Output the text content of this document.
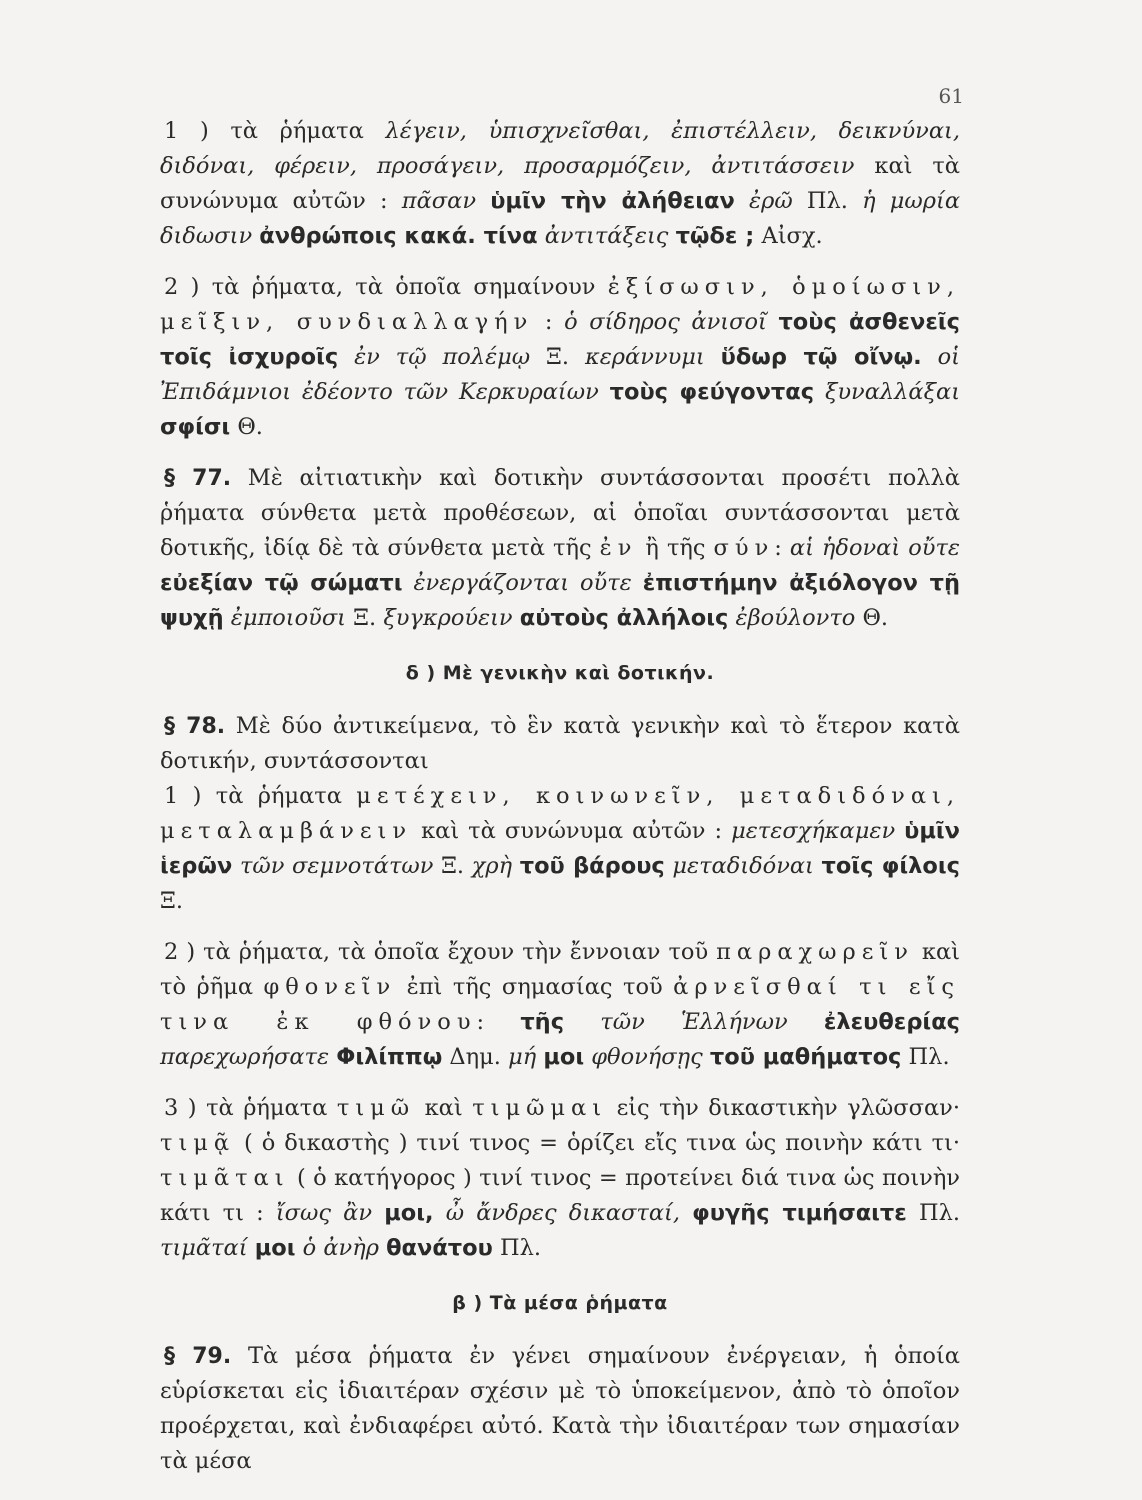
61

1 ) τὰ ῥήματα λέγειν, ὑπισχνεῖσθαι, ἐπιστέλλειν, δεικνύναι, διδόναι, φέρειν, προσάγειν, προσαρμόζειν, ἀντιτάσσειν καὶ τὰ συνώνυμα αὐτῶν : πᾶσαν ὑμῖν τὴν ἀλήθειαν ἐρῶ Πλ. ἡ μωρία διδωσιν ἀνθρώποις κακά. τίνα ἀντιτάξεις τῷδε ; Αἰσχ.

2 ) τὰ ῥήματα, τὰ ὁποῖα σημαίνουν ἐξίσωσιν, ὁμοίωσιν, μεῖξιν, συνδιαλλαγήν : ὁ σίδηρος ἀνισοῖ τοὺς ἀσθενεῖς τοῖς ἰσχυροῖς ἐν τῷ πολέμῳ Ξ. κεράννυμι ὕδωρ τῷ οἴνῳ. οἱ Ἐπιδάμνιοι ἐδέοντο τῶν Κερκυραίων τοὺς φεύγοντας ξυναλλάξαι σφίσι Θ.

§ 77. Μὲ αἰτιατικὴν καὶ δοτικὴν συντάσσονται προσέτι πολλὰ ῥήματα σύνθετα μετὰ προθέσεων, αἱ ὁποῖαι συντάσσονται μετὰ δοτικῆς, ἰδίᾳ δὲ τὰ σύνθετα μετὰ τῆς ἐν ἢ τῆς σύν: αἱ ἡδοναὶ οὔτε εὐεξίαν τῷ σώματι ἐνεργάζονται οὔτε ἐπιστήμην ἀξιόλογον τῇ ψυχῇ ἐμποιοῦσι Ξ. ξυγκρούειν αὐτοὺς ἀλλήλοις ἐβούλοντο Θ.

δ ) Μὲ γενικὴν καὶ δοτικήν.

§ 78. Μὲ δύο ἀντικείμενα, τὸ ἓν κατὰ γενικὴν καὶ τὸ ἕτερον κατὰ δοτικήν, συντάσσονται

1 ) τὰ ῥήματα μετέχειν, κοινωνεῖν, μεταδιδόναι, μεταλαμβάνειν καὶ τὰ συνώνυμα αὐτῶν : μετεσχήκαμεν ὑμῖν ἱερῶν τῶν σεμνοτάτων Ξ. χρὴ τοῦ βάρους μεταδιδόναι τοῖς φίλοις Ξ.

2 ) τὰ ῥήματα, τὰ ὁποῖα ἔχουν τὴν ἔννοιαν τοῦ παραχωρεῖν καὶ τὸ ῥῆμα φθονεῖν ἐπὶ τῆς σημασίας τοῦ ἀρνεῖσθαί τι εἴς τινα ἐκ φθόνου: τῆς τῶν Ἑλλήνων ἐλευθερίας παρεχωρήσατε Φιλίππῳ Δημ. μή μοι φθονήσῃς τοῦ μαθήματος Πλ.

3 ) τὰ ῥήματα τιμῶ καὶ τιμῶμαι εἰς τὴν δικαστικὴν γλῶσσαν· τιμᾷ ( ὁ δικαστὴς ) τινί τινος = ὁρίζει εἴς τινα ὡς ποινὴν κάτι τι· τιμᾶται ( ὁ κατήγορος ) τινί τινος = προτείνει διά τινα ὡς ποινὴν κάτι τι : ἴσως ἂν μοι, ὦ ἄνδρες δικασταί, φυγῆς τιμήσαιτε Πλ. τιμᾶταί μοι ὁ ἀνὴρ θανάτου Πλ.

β ) Τὰ μέσα ῥήματα

§ 79. Τὰ μέσα ῥήματα ἐν γένει σημαίνουν ἐνέργειαν, ἡ ὁποία εὑρίσκεται εἰς ἰδιαιτέραν σχέσιν μὲ τὸ ὑποκείμενον, ἀπὸ τὸ ὁποῖον προέρχεται, καὶ ἐνδιαφέρει αὐτό. Κατὰ τὴν ἰδιαιτέραν των σημασίαν τὰ μέσα
